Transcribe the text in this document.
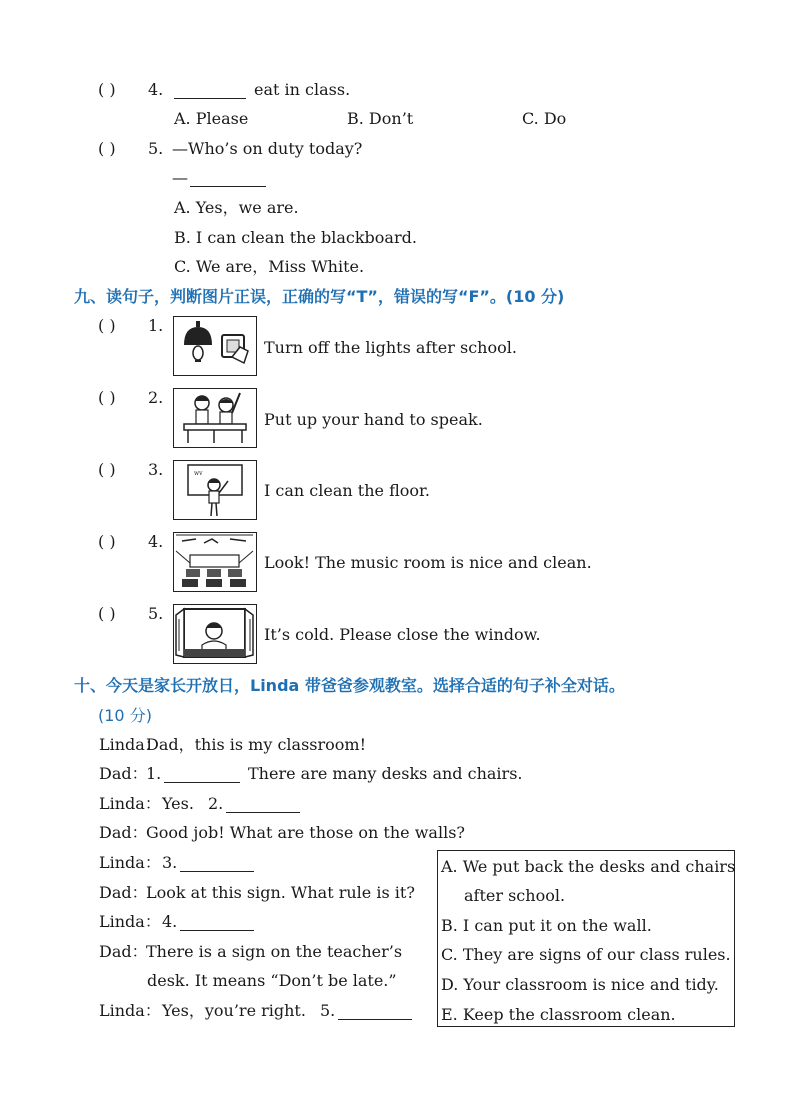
( ) 4.	eat in class.
A. Please	B. Don’t	C. Do
( ) 5. —Who’s on duty today?
—
A. Yes，we are.
B. I can clean the blackboard.
C. We are，Miss White.
九、读句子，判断图片正误，正确的写“T”，错误的写“F”。(10 分)
( ) 1.
Turn off the lights after school.
( ) 2.
Put up your hand to speak.
( ) 3.	wv
I can clean the floor.
( ) 4.
Look! The music room is nice and clean.
( ) 5.
It’s cold. Please close the window.
十、今天是家长开放日，Linda 带爸爸参观教室。选择合适的句子补全对话。
(10 分)
Linda：
Dad，this is my classroom!
Dad：
1.	There are many desks and chairs.
Linda： Yes. 2.
Dad：
Good job! What are those on the walls?
Linda： 3.
Dad：
Look at this sign. What rule is it?
Linda： 4.
Dad：
There is a sign on the teacher’s
desk. It means “Don’t be late.”
Linda： Yes，you’re right. 5.
A. We put back the desks and chairs
after school.
B. I can put it on the wall.
C. They are signs of our class rules.
D. Your classroom is nice and tidy.
E. Keep the classroom clean.
